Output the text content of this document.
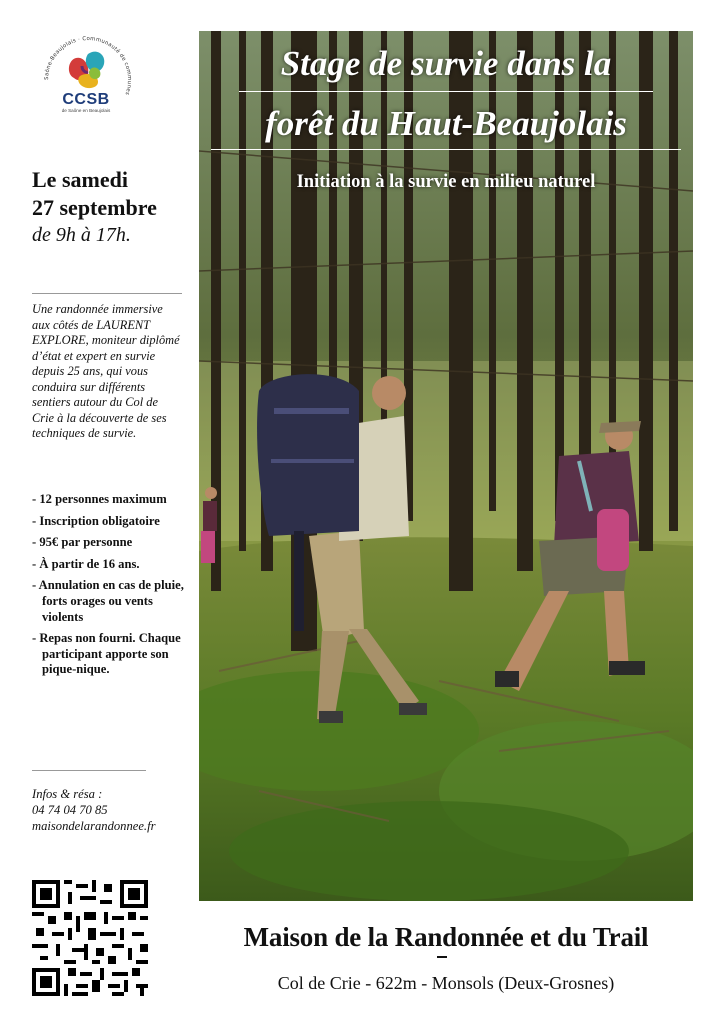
Saône-Beaujolais · Communauté de communes
CCSB
de Saône en Beaujolais
Le samedi
27 septembre
de 9h à 17h.
Une randonnée immersive aux côtés de LAURENT EXPLORE, moniteur diplômé d’état et expert en survie depuis 25 ans, qui vous conduira sur différents sentiers autour du Col de Crie à la découverte de ses techniques de survie.
- 12 personnes maximum
- Inscription obligatoire
- 95€ par personne
- À partir de 16 ans.
- Annulation en cas de pluie, forts orages ou vents violents
- Repas non fourni. Chaque participant apporte son pique-nique.
Infos & résa :
04 74 04 70 85
maisondelarandonnee.fr
Stage de survie dans la
forêt du Haut-Beaujolais
Initiation à la survie en milieu naturel
Maison de la Randonnée et du Trail
Col de Crie - 622m - Monsols (Deux-Grosnes)
